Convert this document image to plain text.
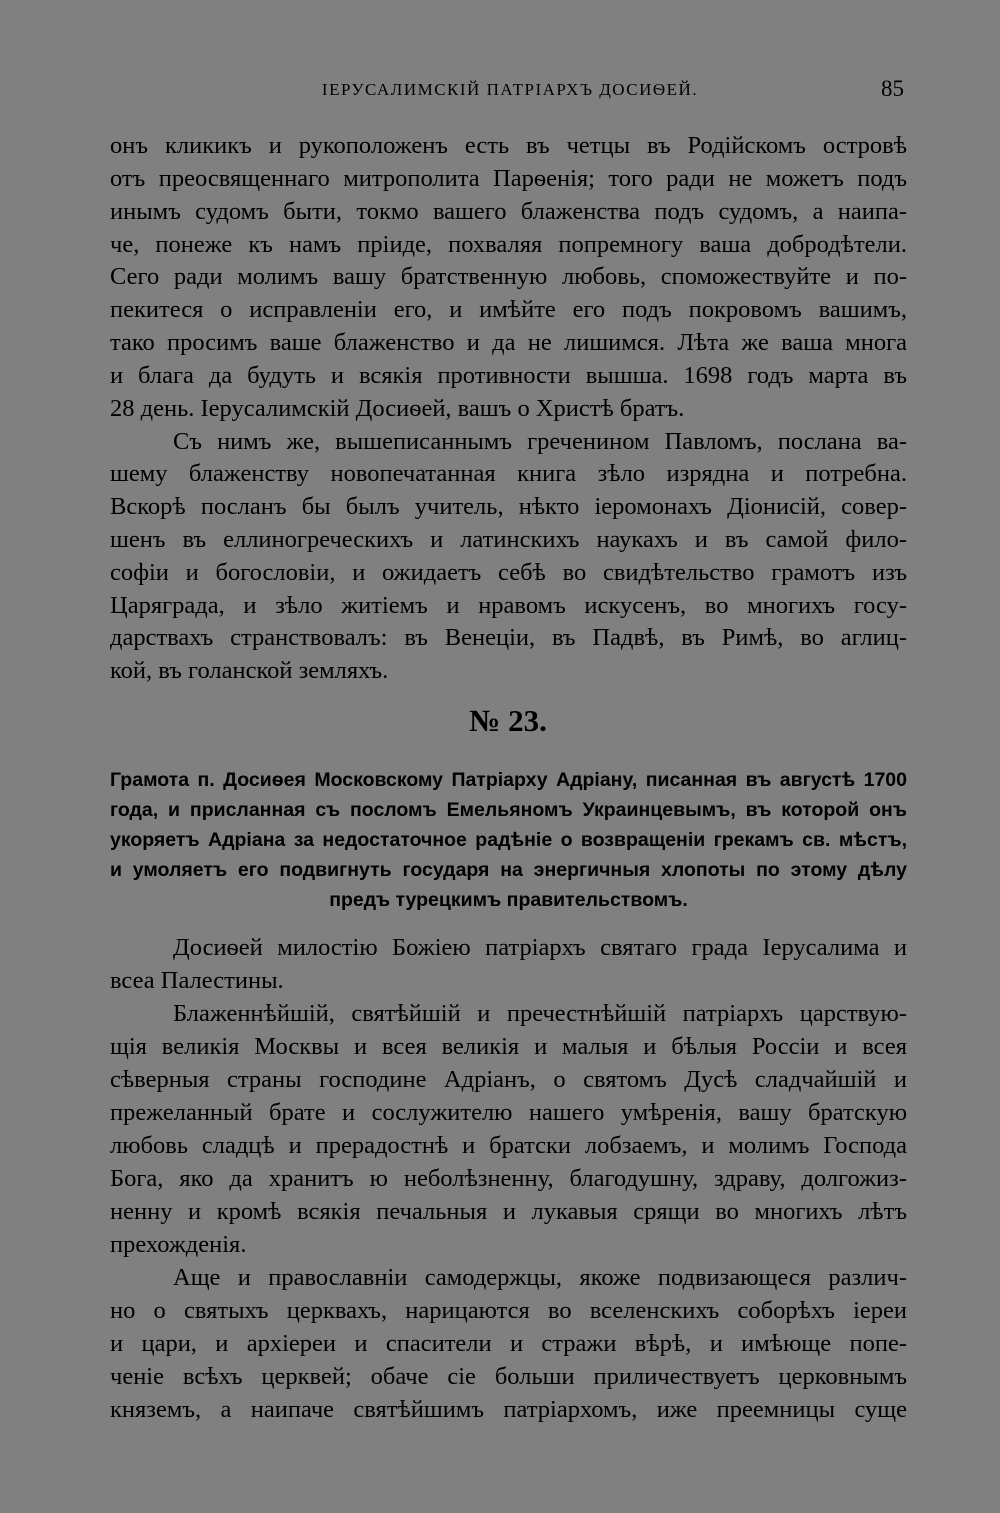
ІЕРУСАЛИМСКІЙ ПАТРІАРХЪ ДОСИѲЕЙ.	85
онъ кликикъ и рукоположенъ есть въ четцы въ Родійскомъ островѣ
отъ преосвященнаго митрополита Парѳенія; того ради не можетъ подъ
инымъ судомъ быти, токмо вашего блаженства подъ судомъ, а наипа-
че, понеже къ намъ пріиде, похваляя попремногу ваша добродѣтели.
Сего ради молимъ вашу братственную любовь, споможествуйте и по-
пекитеся о исправленіи его, и имѣйте его подъ покровомъ вашимъ,
тако просимъ ваше блаженство и да не лишимся. Лѣта же ваша многа
и блага да будуть и всякія противности вышша. 1698 годъ марта въ
28 день. Іерусалимскій Досиѳей, вашъ о Христѣ братъ.
Съ нимъ же, вышеписаннымъ греченином Павломъ, послана ва-
шему блаженству новопечатанная книга зѣло изрядна и потребна.
Вскорѣ посланъ бы былъ учитель, нѣкто іеромонахъ Діонисій, совер-
шенъ въ еллиногреческихъ и латинскихъ наукахъ и въ самой фило-
софіи и богословіи, и ожидаетъ себѣ во свидѣтельство грамотъ изъ
Царяграда, и зѣло житіемъ и нравомъ искусенъ, во многихъ госу-
дарствахъ странствовалъ: въ Венеціи, въ Падвѣ, въ Римѣ, во аглиц-
кой, въ голанской земляхъ.
№ 23.
Грамота п. Досиѳея Московскому Патріарху Адріану, писанная въ августѣ 1700
года, и присланная съ посломъ Емельяномъ Украинцевымъ, въ которой онъ
укоряетъ Адріана за недостаточное радѣніе о возвращеніи грекамъ св. мѣстъ,
и умоляетъ его подвигнуть государя на энергичныя хлопоты по этому дѣлу
предъ турецкимъ правительствомъ.
Досиѳей милостію Божіею патріархъ святаго града Іерусалима и
всеа Палестины.
Блаженнѣйшій, святѣйшій и пречестнѣйшій патріархъ царствую-
щія великія Москвы и всея великія и малыя и бѣлыя Россіи и всея
сѣверныя страны господине Адріанъ, о святомъ Дусѣ сладчайшій и
прежеланный брате и сослужителю нашего умѣренія, вашу братскую
любовь сладцѣ и прерадостнѣ и братски лобзаемъ, и молимъ Господа
Бога, яко да хранитъ ю неболѣзненну, благодушну, здраву, долгожиз-
ненну и кромѣ всякія печальныя и лукавыя срящи во многихъ лѣтъ
прехожденія.
Аще и православніи самодержцы, якоже подвизающеся различ-
но о святыхъ церквахъ, нарицаются во вселенскихъ соборѣхъ іереи
и цари, и архіереи и спасители и стражи вѣрѣ, и имѣюще попе-
ченіе всѣхъ церквей; обаче сіе больши приличествуетъ церковнымъ
княземъ, а наипаче святѣйшимъ патріархомъ, иже преемницы суще
